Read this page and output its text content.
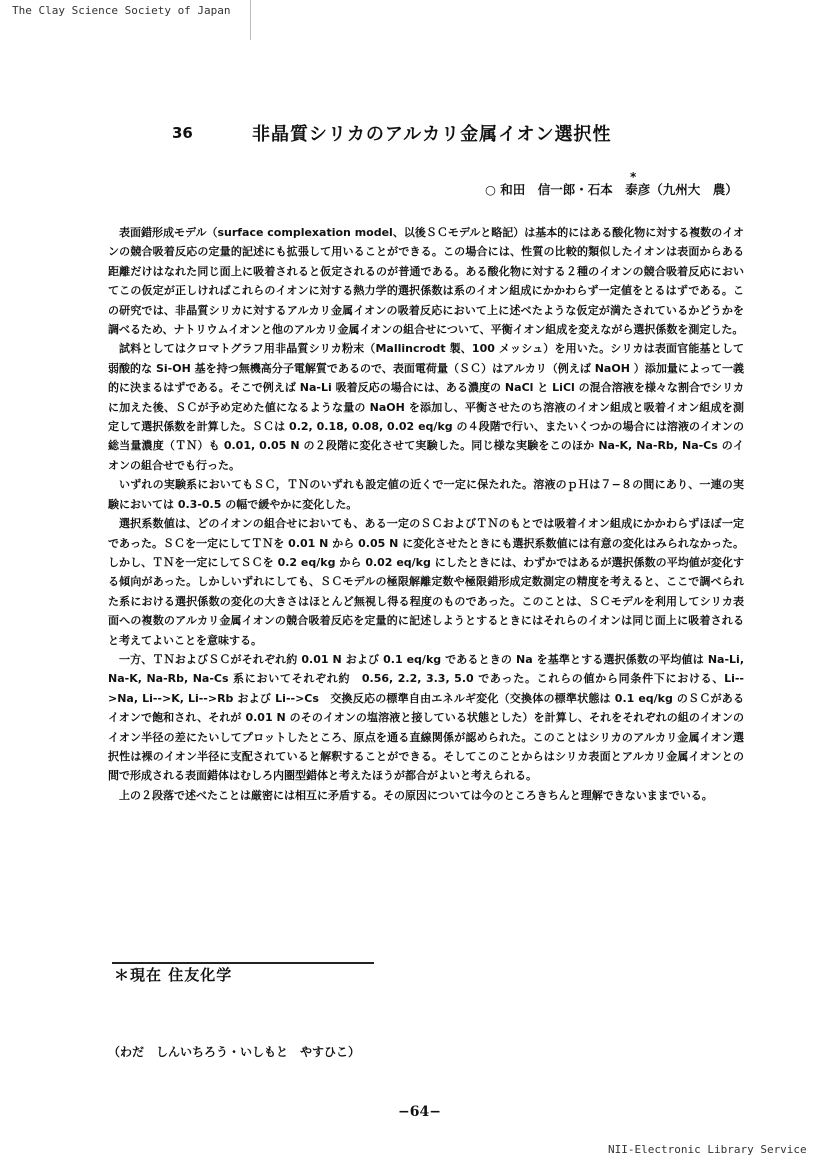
The Clay Science Society of Japan
36	非晶質シリカのアルカリ金属イオン選択性
*
○ 和田　信一郎・石本　泰彦（九州大　農）

表面錯形成モデル（surface complexation model、以後ＳＣモデルと略記）は基本的にはある酸化物に対する複数のイオンの競合吸着反応の定量的記述にも拡張して用いることができる。この場合には、性質の比較的類似したイオンは表面からある距離だけはなれた同じ面上に吸着されると仮定されるのが普通である。ある酸化物に対する２種のイオンの競合吸着反応においてこの仮定が正しければこれらのイオンに対する熱力学的選択係数は系のイオン組成にかかわらず一定値をとるはずである。この研究では、非晶質シリカに対するアルカリ金属イオンの吸着反応において上に述べたような仮定が満たされているかどうかを調べるため、ナトリウムイオンと他のアルカリ金属イオンの組合せについて、平衡イオン組成を変えながら選択係数を測定した。

試料としてはクロマトグラフ用非晶質シリカ粉末（Mallincrodt 製、100 メッシュ）を用いた。シリカは表面官能基として弱酸的な Si-OH 基を持つ無機高分子電解質であるので、表面電荷量（ＳＣ）はアルカリ（例えば NaOH ）添加量によって一義的に決まるはずである。そこで例えば Na-Li 吸着反応の場合には、ある濃度の NaCl と LiCl の混合溶液を様々な割合でシリカに加えた後、ＳＣが予め定めた値になるような量の NaOH を添加し、平衡させたのち溶液のイオン組成と吸着イオン組成を測定して選択係数を計算した。ＳＣは 0.2, 0.18, 0.08, 0.02 eq/kg の４段階で行い、またいくつかの場合には溶液のイオンの総当量濃度（ＴＮ）も 0.01, 0.05 N の２段階に変化させて実験した。同じ様な実験をこのほか Na-K, Na-Rb, Na-Cs のイオンの組合せでも行った。

いずれの実験系においてもＳＣ，ＴＮのいずれも設定値の近くで一定に保たれた。溶液のｐＨは７−８の間にあり、一連の実験においては 0.3-0.5 の幅で緩やかに変化した。

選択系数値は、どのイオンの組合せにおいても、ある一定のＳＣおよびＴＮのもとでは吸着イオン組成にかかわらずほぼ一定であった。ＳＣを一定にしてＴＮを 0.01 N から 0.05 N に変化させたときにも選択系数値には有意の変化はみられなかった。しかし、ＴＮを一定にしてＳＣを 0.2 eq/kg から 0.02 eq/kg にしたときには、わずかではあるが選択係数の平均値が変化する傾向があった。しかしいずれにしても、ＳＣモデルの極限解離定数や極限錯形成定数測定の精度を考えると、ここで調べられた系における選択係数の変化の大きさはほとんど無視し得る程度のものであった。このことは、ＳＣモデルを利用してシリカ表面への複数のアルカリ金属イオンの競合吸着反応を定量的に記述しようとするときにはそれらのイオンは同じ面上に吸着されると考えてよいことを意味する。

一方、ＴＮおよびＳＣがそれぞれ約 0.01 N および 0.1 eq/kg であるときの Na を基準とする選択係数の平均値は Na-Li, Na-K, Na-Rb, Na-Cs 系においてそれぞれ約　0.56, 2.2, 3.3, 5.0 であった。これらの値から同条件下における、Li-->Na, Li-->K, Li-->Rb および Li-->Cs　交換反応の標準自由エネルギ変化（交換体の標準状態は 0.1 eq/kg のＳＣがあるイオンで飽和され、それが 0.01 N のそのイオンの塩溶液と接している状態とした）を計算し、それをそれぞれの組のイオンのイオン半径の差にたいしてプロットしたところ、原点を通る直線関係が認められた。このことはシリカのアルカリ金属イオン選択性は裸のイオン半径に支配されていると解釈することができる。そしてこのことからはシリカ表面とアルカリ金属イオンとの間で形成される表面錯体はむしろ内圏型錯体と考えたほうが都合がよいと考えられる。

上の２段落で述べたことは厳密には相互に矛盾する。その原因については今のところきちんと理解できないままでいる。

＊現在 住友化学
（わだ　しんいちろう・いしもと　やすひこ）
−64−
NII-Electronic Library Service
